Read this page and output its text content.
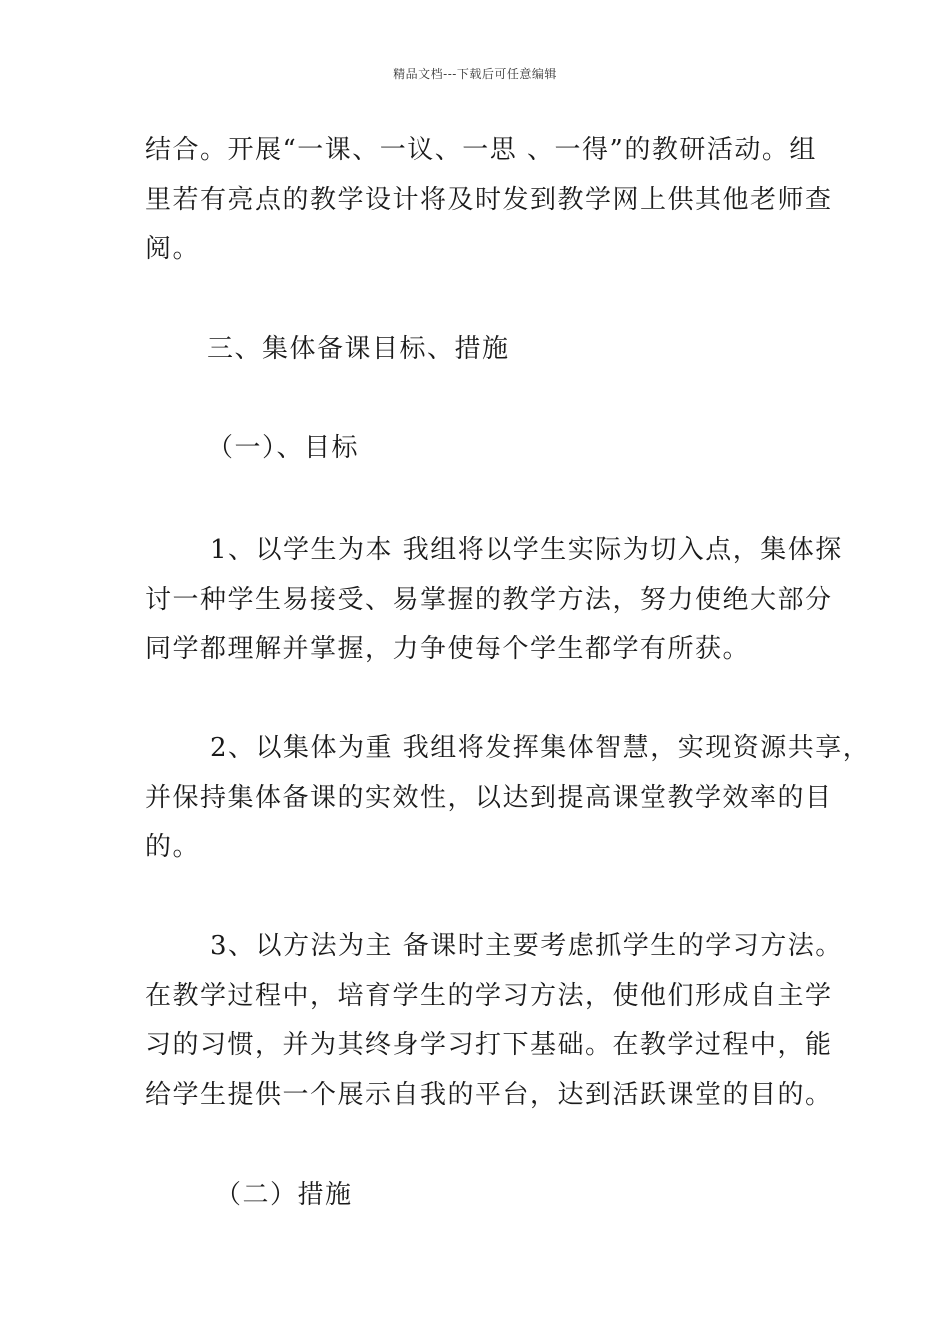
精品文档---下载后可任意编辑
结合。开展“一课、一议、一思 、一得”的教研活动。组
里若有亮点的教学设计将及时发到教学网上供其他老师查
阅。
三、集体备课目标、措施
（一）、目标
1、以学生为本 我组将以学生实际为切入点，集体探
讨一种学生易接受、易掌握的教学方法，努力使绝大部分
同学都理解并掌握，力争使每个学生都学有所获。
2、以集体为重 我组将发挥集体智慧，实现资源共享，
并保持集体备课的实效性，以达到提高课堂教学效率的目
的。
3、以方法为主 备课时主要考虑抓学生的学习方法。
在教学过程中，培育学生的学习方法，使他们形成自主学
习的习惯，并为其终身学习打下基础。在教学过程中，能
给学生提供一个展示自我的平台，达到活跃课堂的目的。
（二）措施
